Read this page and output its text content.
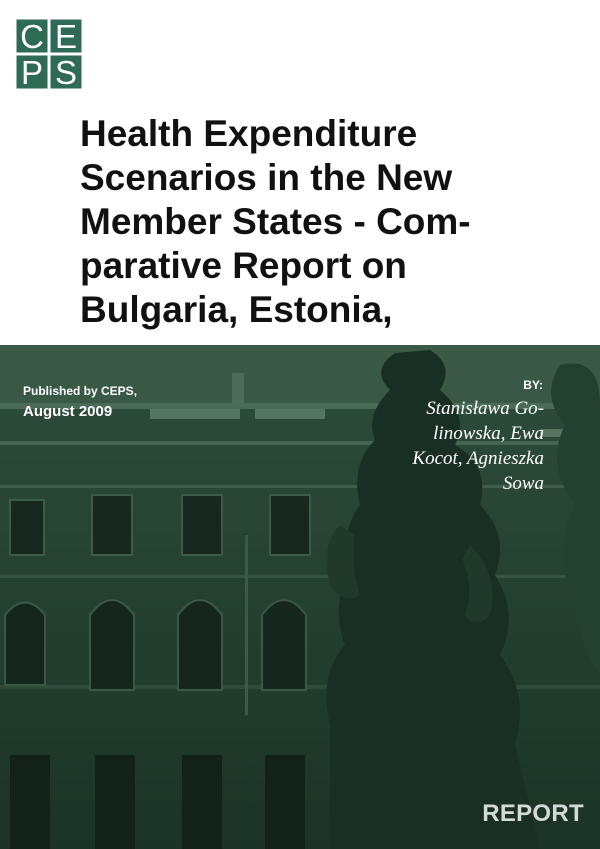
C E
P S
Health Expenditure
Scenarios in the New
Member States - Com-
parative Report on
Bulgaria, Estonia,
Published by CEPS,
August 2009
BY:
Stanisława Go-
linowska, Ewa
Kocot, Agnieszka
Sowa
REPORT
